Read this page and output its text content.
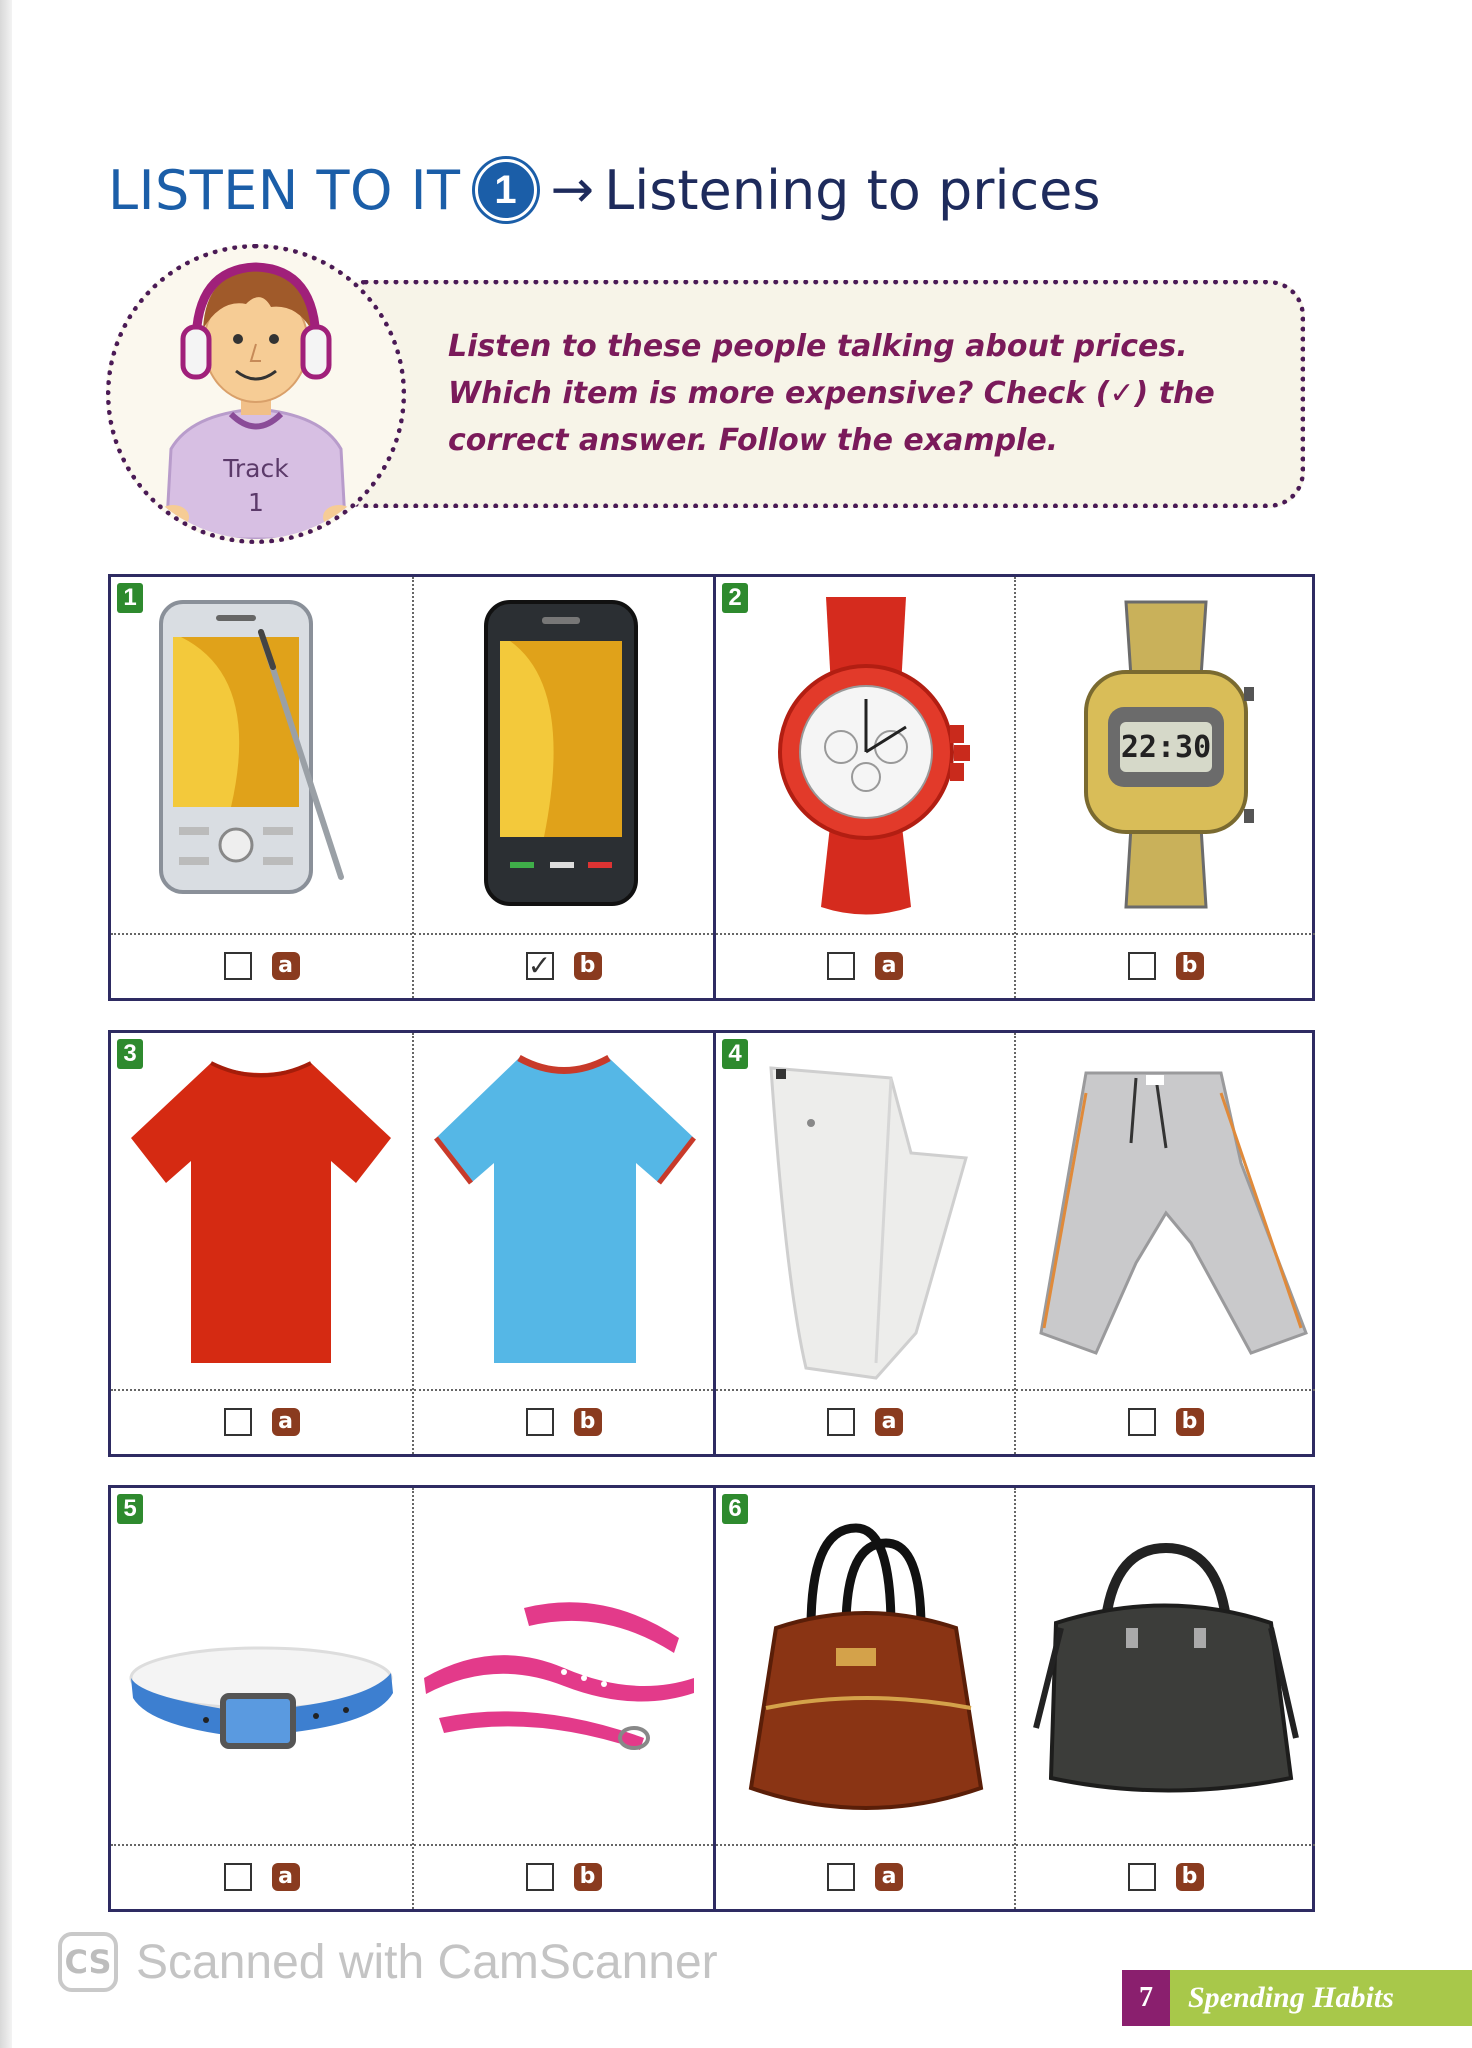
LISTEN TO IT 1 → Listening to prices
Listen to these people talking about prices. Which item is more expensive? Check (✓) the correct answer. Follow the example.
Track
1
1
a	✓ b
2
a
22:30
b
3
a	b
4
a	b
5
a	b
6
a	b
CS Scanned with CamScanner
7	Spending Habits
